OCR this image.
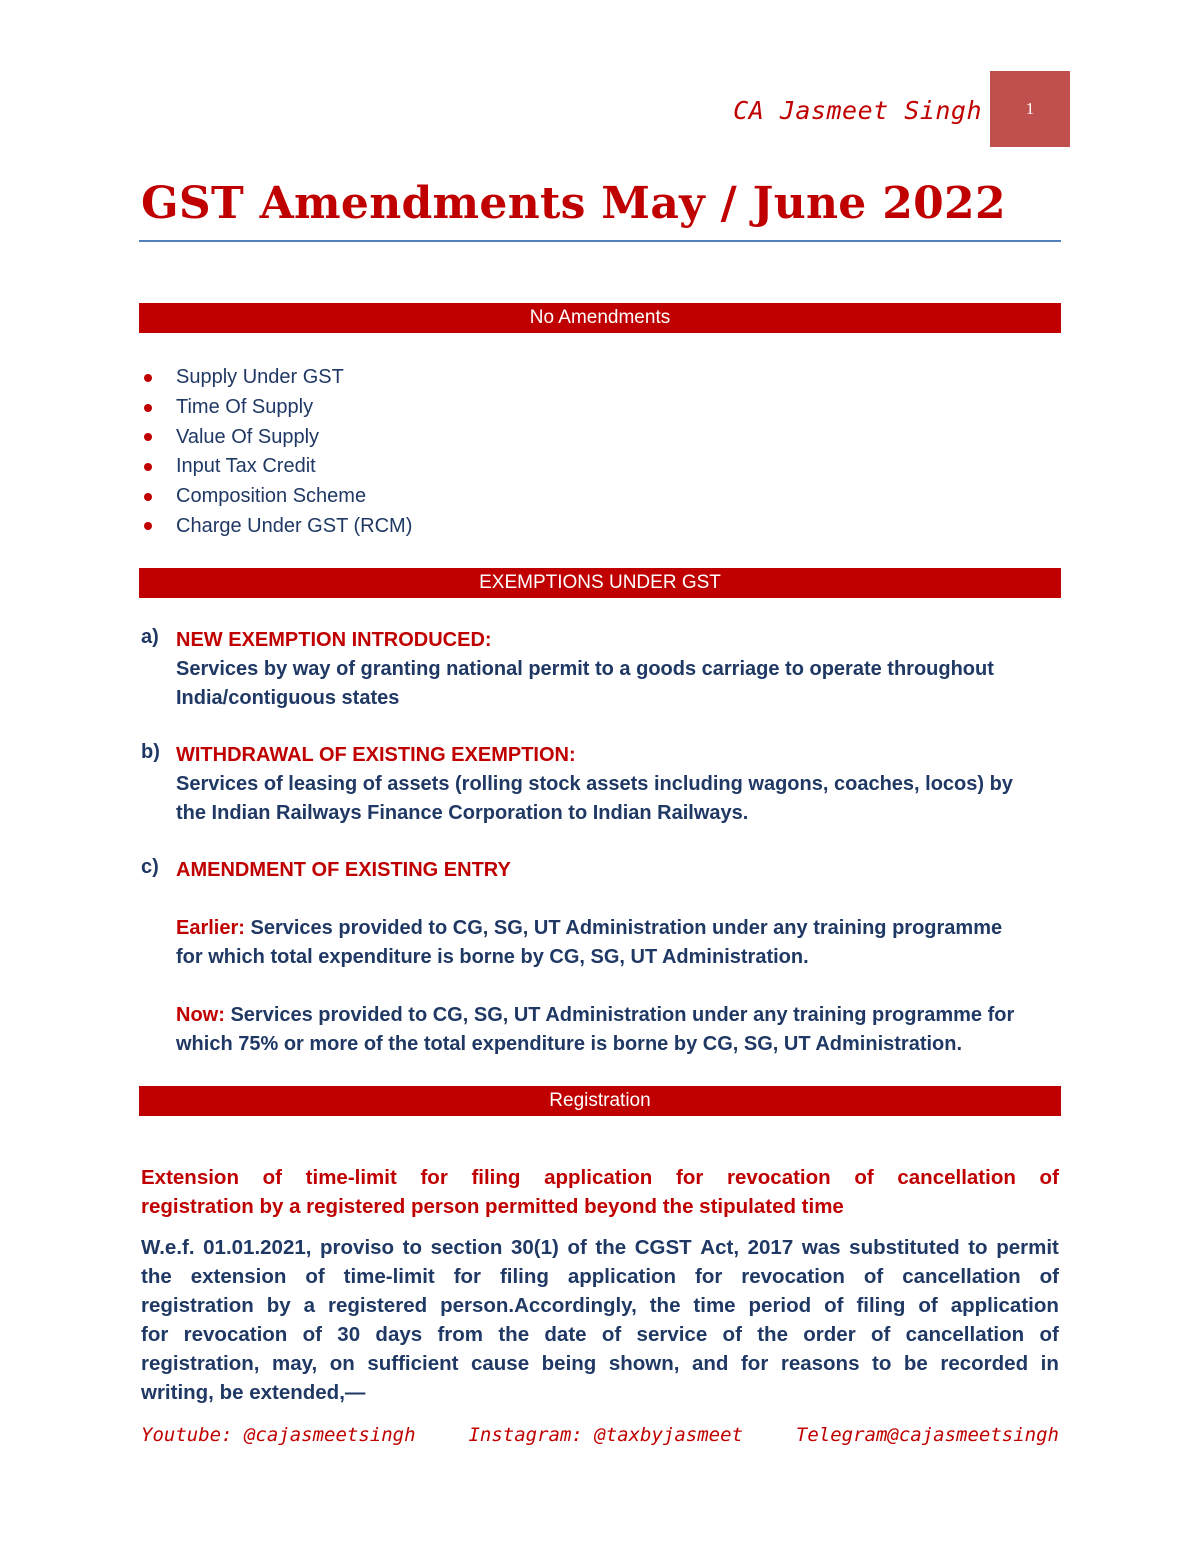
CA Jasmeet Singh	1
GST Amendments May / June 2022
No Amendments
Supply Under GST
Time Of Supply
Value Of Supply
Input Tax Credit
Composition Scheme
Charge Under GST (RCM)
EXEMPTIONS UNDER GST
a) NEW EXEMPTION INTRODUCED:
Services by way of granting national permit to a goods carriage to operate throughout
India/contiguous states
b) WITHDRAWAL OF EXISTING EXEMPTION:
Services of leasing of assets (rolling stock assets including wagons, coaches, locos) by
the Indian Railways Finance Corporation to Indian Railways.
c) AMENDMENT OF EXISTING ENTRY
Earlier: Services provided to CG, SG, UT Administration under any training programme
for which total expenditure is borne by CG, SG, UT Administration.
Now: Services provided to CG, SG, UT Administration under any training programme for
which 75% or more of the total expenditure is borne by CG, SG, UT Administration.
Registration
Extension of time-limit for filing application for revocation of cancellation of
registration by a registered person permitted beyond the stipulated time
W.e.f. 01.01.2021, proviso to section 30(1) of the CGST Act, 2017 was substituted to permit
the extension of time-limit for filing application for revocation of cancellation of
registration by a registered person.Accordingly, the time period of filing of application
for revocation of 30 days from the date of service of the order of cancellation of
registration, may, on sufficient cause being shown, and for reasons to be recorded in
writing, be extended,—
Youtube: @cajasmeetsingh	Instagram: @taxbyjasmeet	Telegram@cajasmeetsingh
